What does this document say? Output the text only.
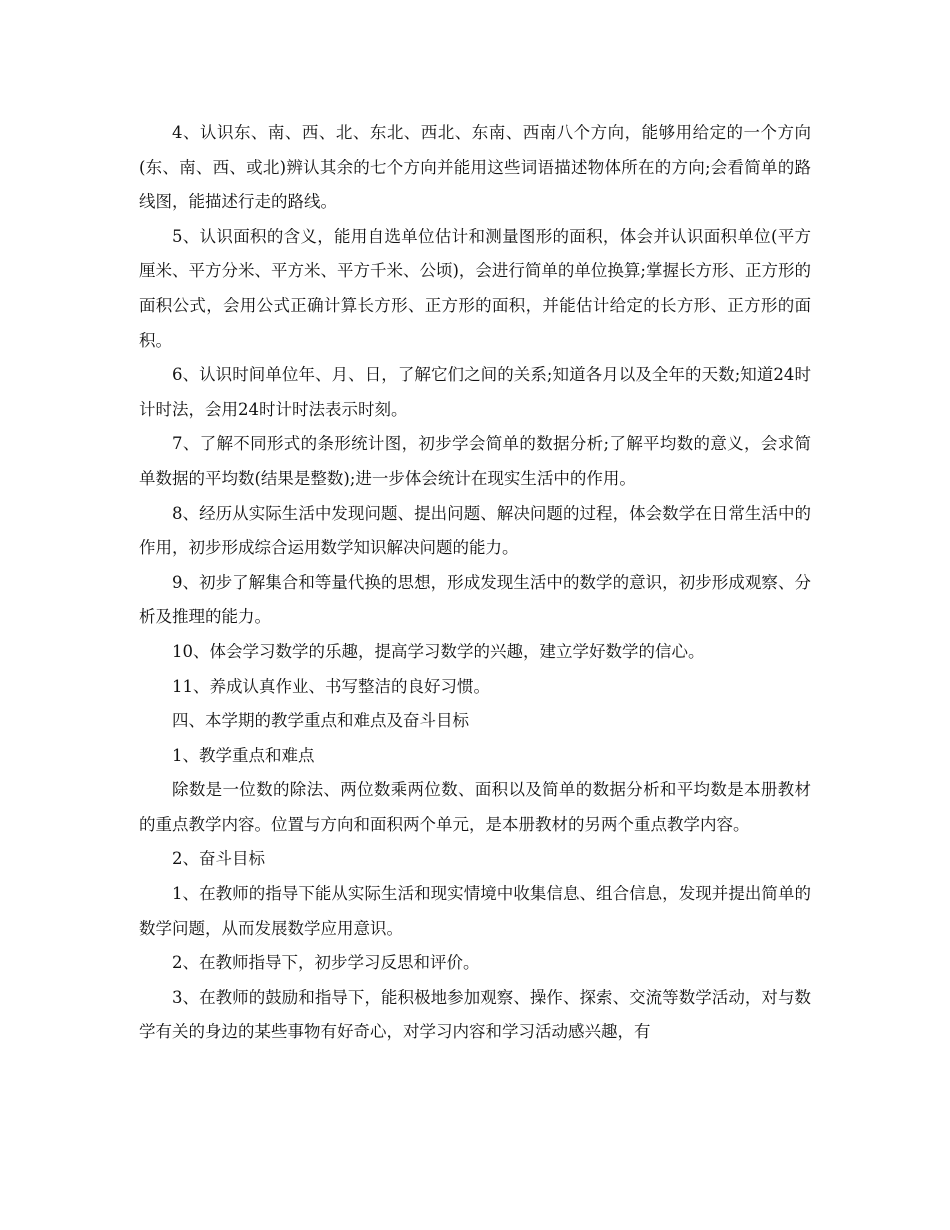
4、认识东、南、西、北、东北、西北、东南、西南八个方向，能够用给定的一个方向(东、南、西、或北)辨认其余的七个方向并能用这些词语描述物体所在的方向;会看简单的路线图，能描述行走的路线。

5、认识面积的含义，能用自选单位估计和测量图形的面积，体会并认识面积单位(平方厘米、平方分米、平方米、平方千米、公顷)，会进行简单的单位换算;掌握长方形、正方形的面积公式，会用公式正确计算长方形、正方形的面积，并能估计给定的长方形、正方形的面积。

6、认识时间单位年、月、日，了解它们之间的关系;知道各月以及全年的天数;知道24时计时法，会用24时计时法表示时刻。

7、了解不同形式的条形统计图，初步学会简单的数据分析;了解平均数的意义，会求简单数据的平均数(结果是整数);进一步体会统计在现实生活中的作用。

8、经历从实际生活中发现问题、提出问题、解决问题的过程，体会数学在日常生活中的作用，初步形成综合运用数学知识解决问题的能力。

9、初步了解集合和等量代换的思想，形成发现生活中的数学的意识，初步形成观察、分析及推理的能力。

10、体会学习数学的乐趣，提高学习数学的兴趣，建立学好数学的信心。

11、养成认真作业、书写整洁的良好习惯。

四、本学期的教学重点和难点及奋斗目标

1、教学重点和难点

除数是一位数的除法、两位数乘两位数、面积以及简单的数据分析和平均数是本册教材的重点教学内容。位置与方向和面积两个单元，是本册教材的另两个重点教学内容。

2、奋斗目标

1、在教师的指导下能从实际生活和现实情境中收集信息、组合信息，发现并提出简单的数学问题，从而发展数学应用意识。

2、在教师指导下，初步学习反思和评价。

3、在教师的鼓励和指导下，能积极地参加观察、操作、探索、交流等数学活动，对与数学有关的身边的某些事物有好奇心，对学习内容和学习活动感兴趣，有
